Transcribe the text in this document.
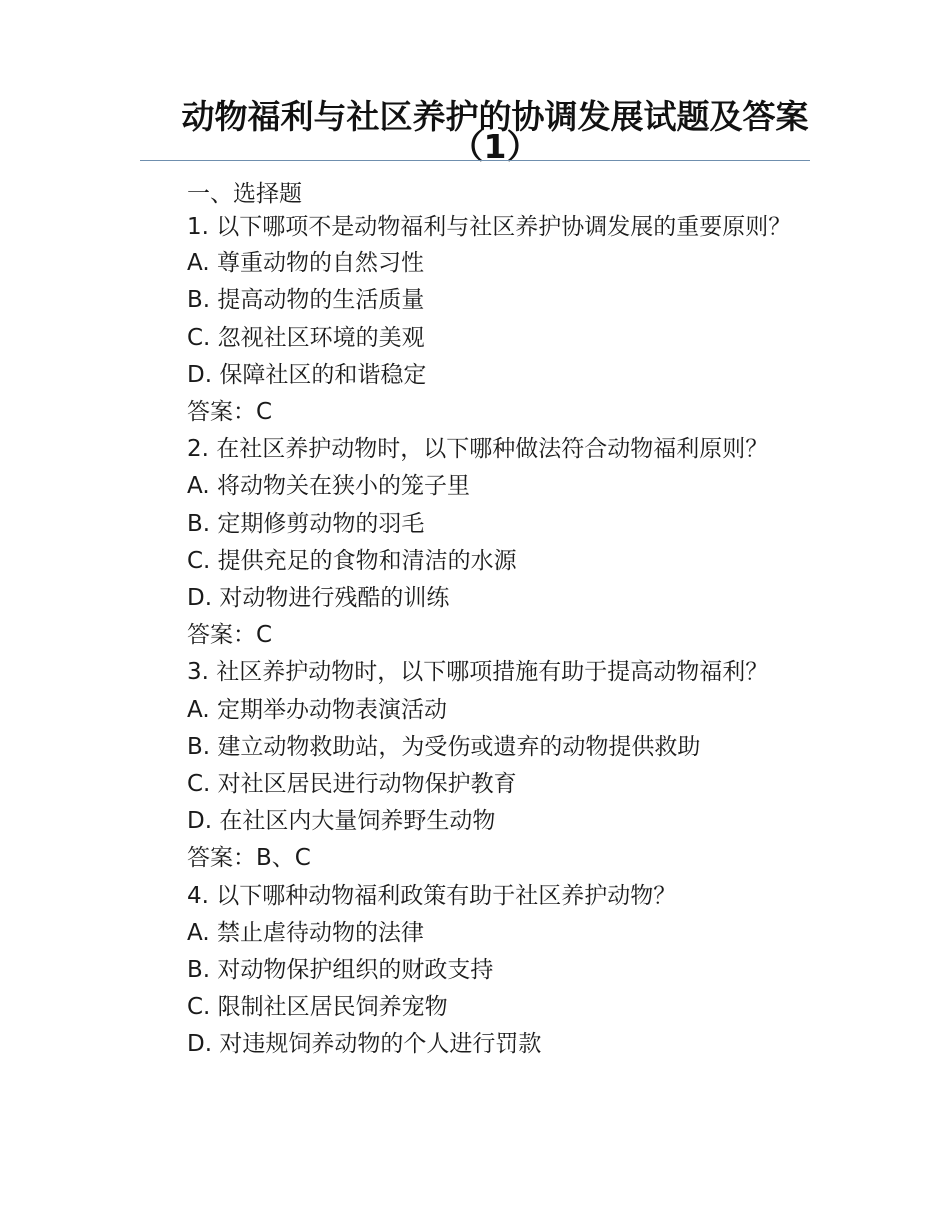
动物福利与社区养护的协调发展试题及答案（1）
一、选择题
1. 以下哪项不是动物福利与社区养护协调发展的重要原则？
A. 尊重动物的自然习性
B. 提高动物的生活质量
C. 忽视社区环境的美观
D. 保障社区的和谐稳定
答案：C
2. 在社区养护动物时，以下哪种做法符合动物福利原则？
A. 将动物关在狭小的笼子里
B. 定期修剪动物的羽毛
C. 提供充足的食物和清洁的水源
D. 对动物进行残酷的训练
答案：C
3. 社区养护动物时，以下哪项措施有助于提高动物福利？
A. 定期举办动物表演活动
B. 建立动物救助站，为受伤或遗弃的动物提供救助
C. 对社区居民进行动物保护教育
D. 在社区内大量饲养野生动物
答案：B、C
4. 以下哪种动物福利政策有助于社区养护动物？
A. 禁止虐待动物的法律
B. 对动物保护组织的财政支持
C. 限制社区居民饲养宠物
D. 对违规饲养动物的个人进行罚款
